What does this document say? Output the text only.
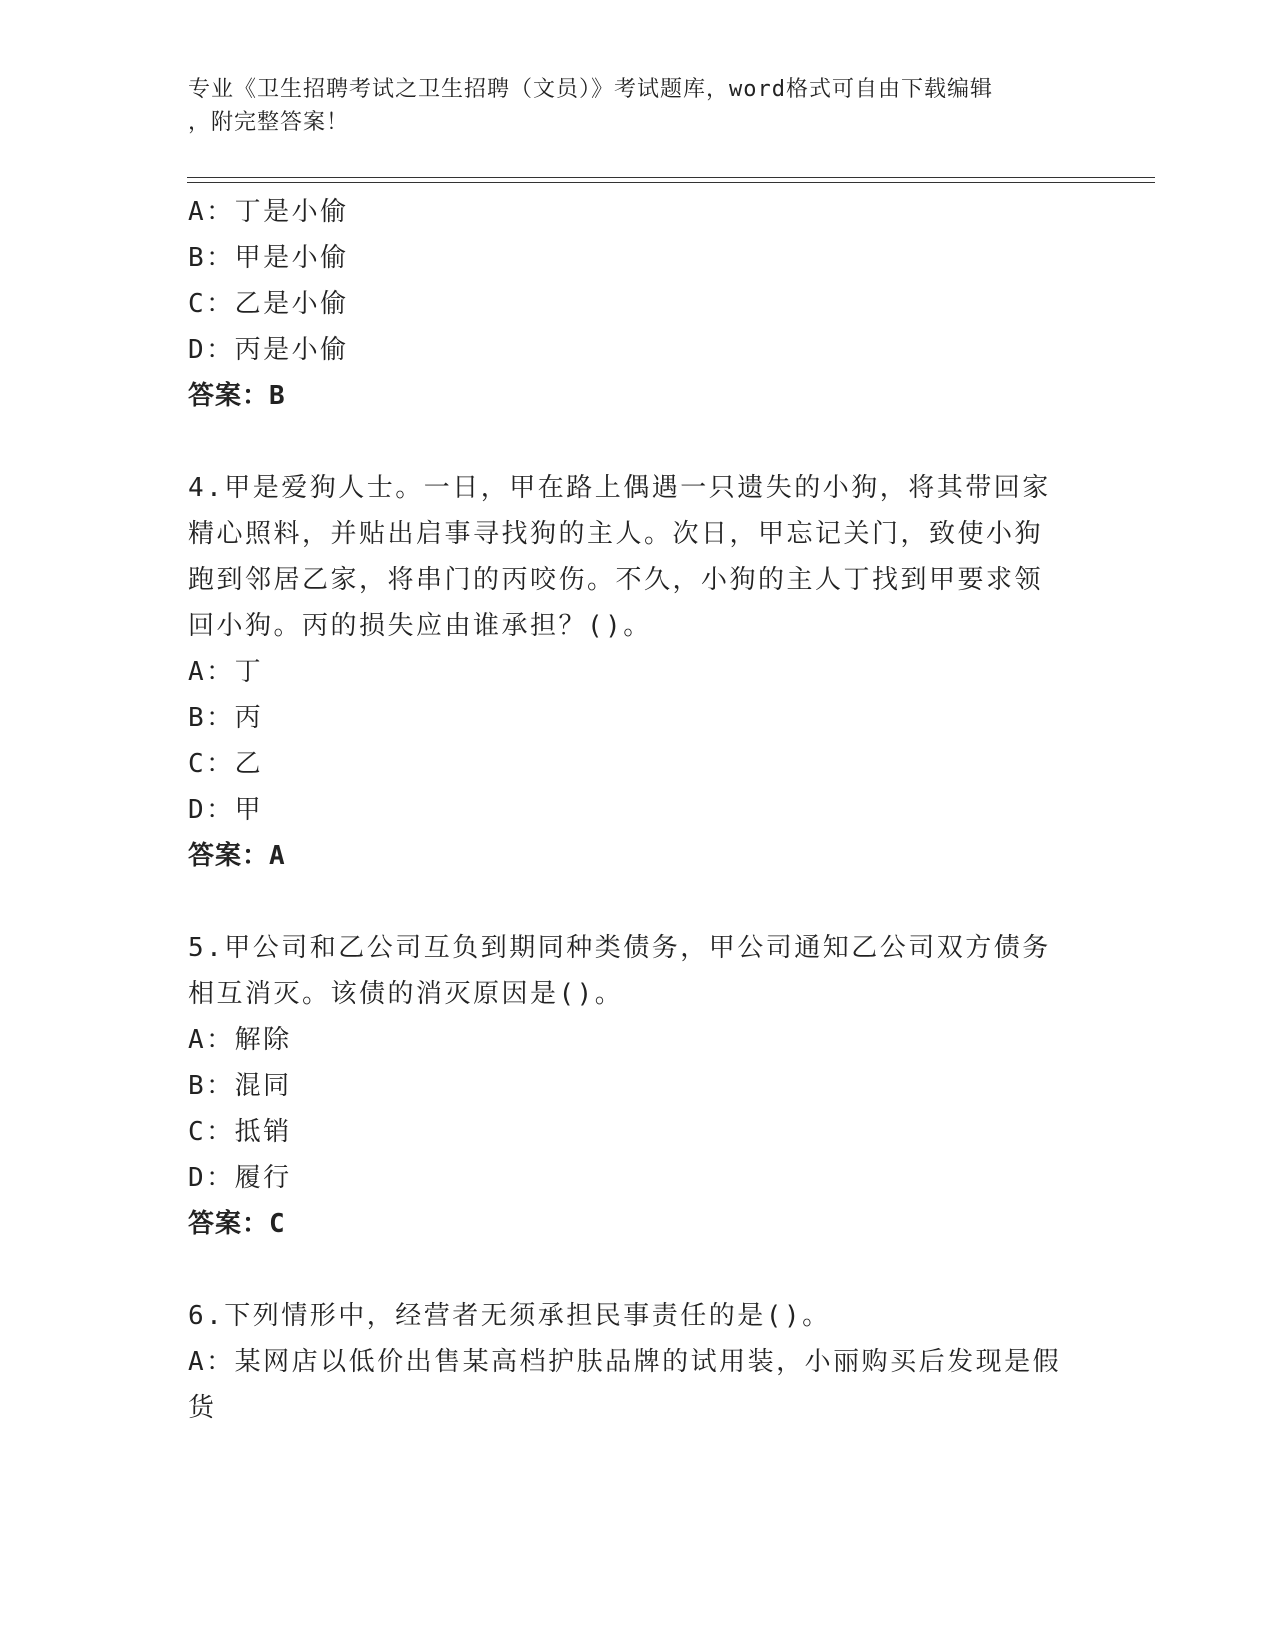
专业《卫生招聘考试之卫生招聘（文员）》考试题库，word格式可自由下载编辑
，附完整答案！
A：丁是小偷
B：甲是小偷
C：乙是小偷
D：丙是小偷
答案：B
4.甲是爱狗人士。一日，甲在路上偶遇一只遗失的小狗，将其带回家
精心照料，并贴出启事寻找狗的主人。次日，甲忘记关门，致使小狗
跑到邻居乙家，将串门的丙咬伤。不久，小狗的主人丁找到甲要求领
回小狗。丙的损失应由谁承担？()。
A：丁
B：丙
C：乙
D：甲
答案：A
5.甲公司和乙公司互负到期同种类债务，甲公司通知乙公司双方债务
相互消灭。该债的消灭原因是()。
A：解除
B：混同
C：抵销
D：履行
答案：C
6.下列情形中，经营者无须承担民事责任的是()。
A：某网店以低价出售某高档护肤品牌的试用装，小丽购买后发现是假
货
